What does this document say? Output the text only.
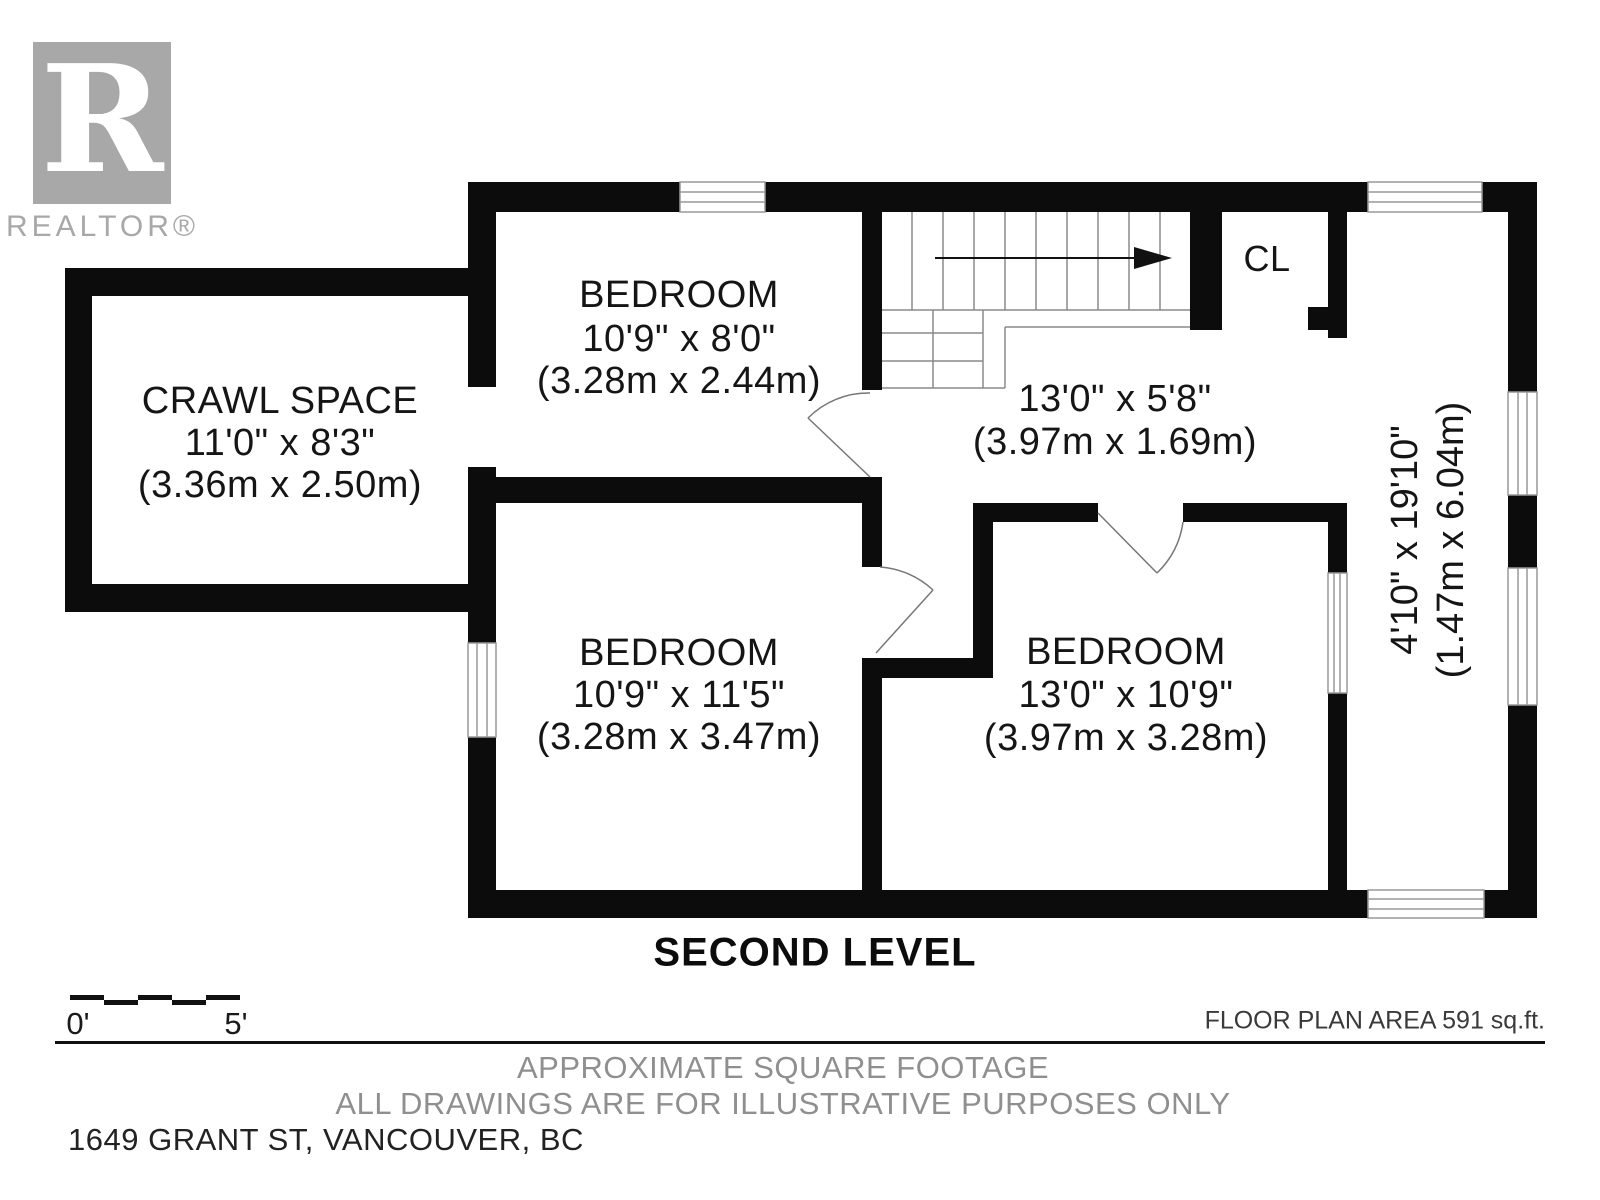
R
REALTOR®
CRAWL SPACE
11'0" x 8'3"
(3.36m x 2.50m)
BEDROOM
10'9" x 8'0"
(3.28m x 2.44m)	13'0" x 5'8"
(3.97m x 1.69m)
CL
BEDROOM
10'9" x 11'5"
(3.28m x 3.47m)
BEDROOM
13'0" x 10'9"
(3.97m x 3.28m)
4'10" x 19'10" (1.47m x 6.04m)
SECOND LEVEL
0'	5'	FLOOR PLAN AREA 591 sq.ft.
APPROXIMATE SQUARE FOOTAGE
ALL DRAWINGS ARE FOR ILLUSTRATIVE PURPOSES ONLY
1649 GRANT ST, VANCOUVER, BC
